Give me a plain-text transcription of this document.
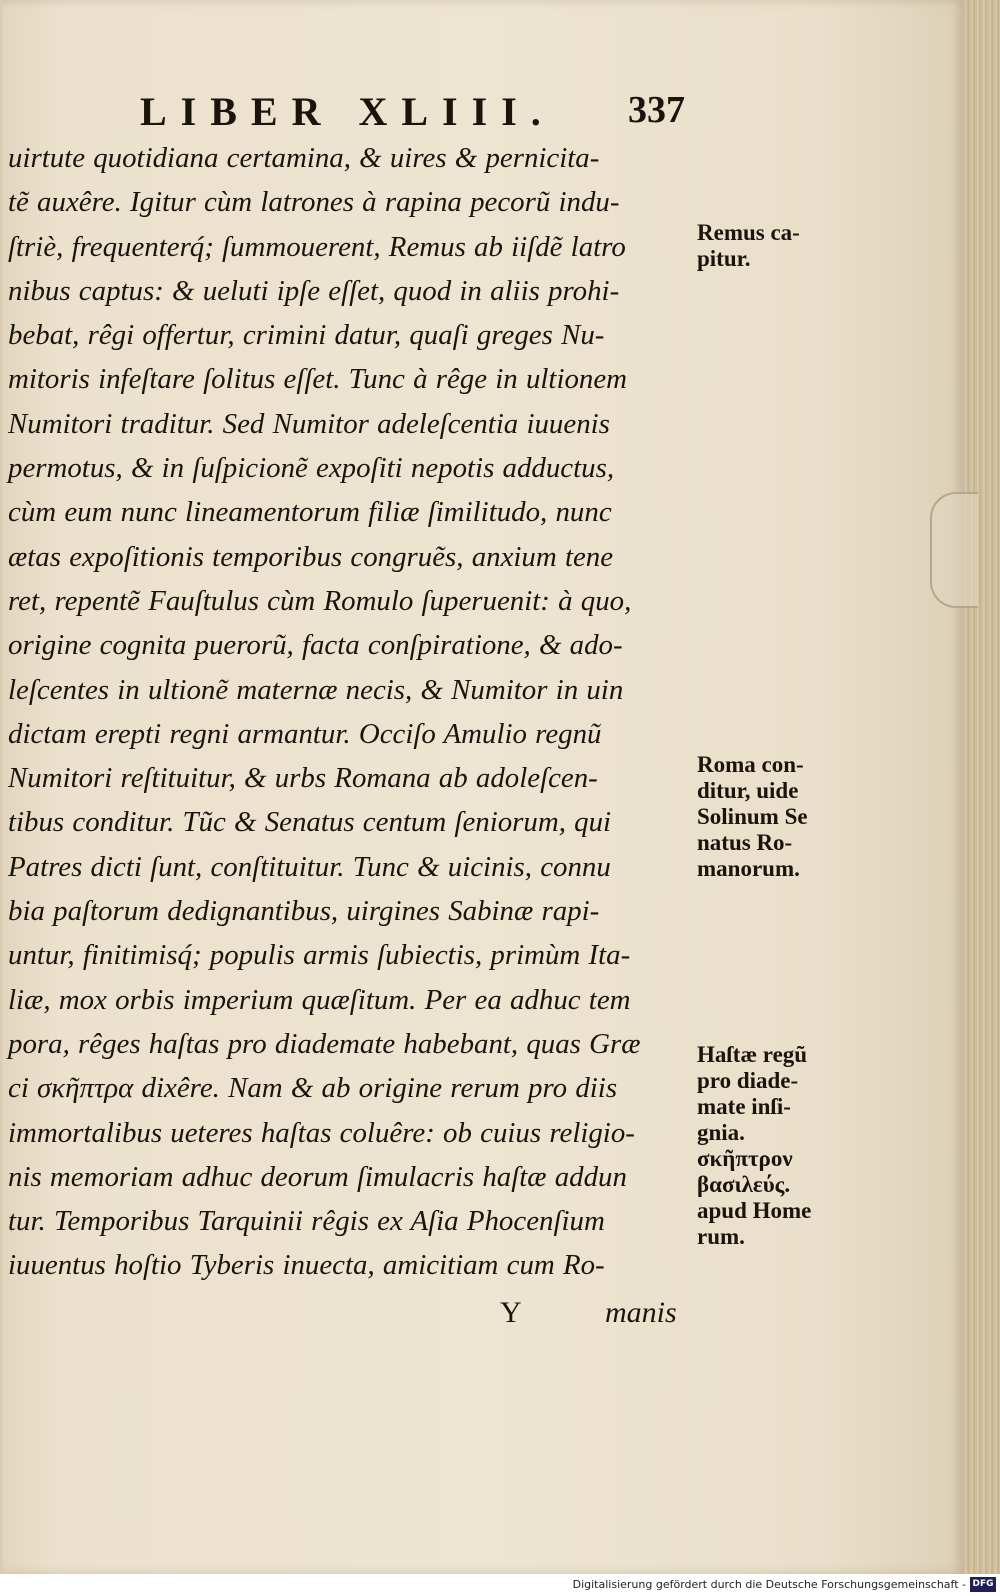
LIBER XLIII. 337
uirtute quotidiana certamina, & uires & pernicita-
tẽ auxêre. Igitur cùm latrones à rapina pecorũ indu-
ſtriè, frequenterq́; ſummouerent, Remus ab iiſdẽ latro
nibus captus: & ueluti ipſe eſſet, quod in aliis prohi-
bebat, rêgi offertur, crimini datur, quaſi greges Nu-
mitoris infeſtare ſolitus eſſet. Tunc à rêge in ultionem
Numitori traditur. Sed Numitor adeleſcentia iuuenis
permotus, & in ſuſpicionẽ expoſiti nepotis adductus,
cùm eum nunc lineamentorum filiæ ſimilitudo, nunc
ætas expoſitionis temporibus congruẽs, anxium tene
ret, repentẽ Fauſtulus cùm Romulo ſuperuenit: à quo,
origine cognita puerorũ, facta conſpiratione, & ado-
leſcentes in ultionẽ maternæ necis, & Numitor in uin
dictam erepti regni armantur. Occiſo Amulio regnũ
Numitori reſtituitur, & urbs Romana ab adoleſcen-
tibus conditur. Tũc & Senatus centum ſeniorum, qui
Patres dicti ſunt, conſtituitur. Tunc & uicinis, connu
bia paſtorum dedignantibus, uirgines Sabinæ rapi-
untur, finitimisq́; populis armis ſubiectis, primùm Ita-
liæ, mox orbis imperium quæſitum. Per ea adhuc tem
pora, rêges haſtas pro diademate habebant, quas Græ
ci σκῆπτρα dixêre. Nam & ab origine rerum pro diis
immortalibus ueteres haſtas coluêre: ob cuius religio-
nis memoriam adhuc deorum ſimulacris haſtæ addun
tur. Temporibus Tarquinii rêgis ex Aſia Phocenſium
iuuentus hoſtio Tyberis inuecta, amicitiam cum Ro-
Y	manis
Remus ca-
pitur.
Roma con-
ditur, uide
Solinum Se
natus Ro-
manorum.
Haſtæ regũ
pro diade-
mate inſi-
gnia.
σκῆπτρον
βασιλεύς.
apud Home
rum.
Digitalisierung gefördert durch die Deutsche Forschungsgemeinschaft - DFG
